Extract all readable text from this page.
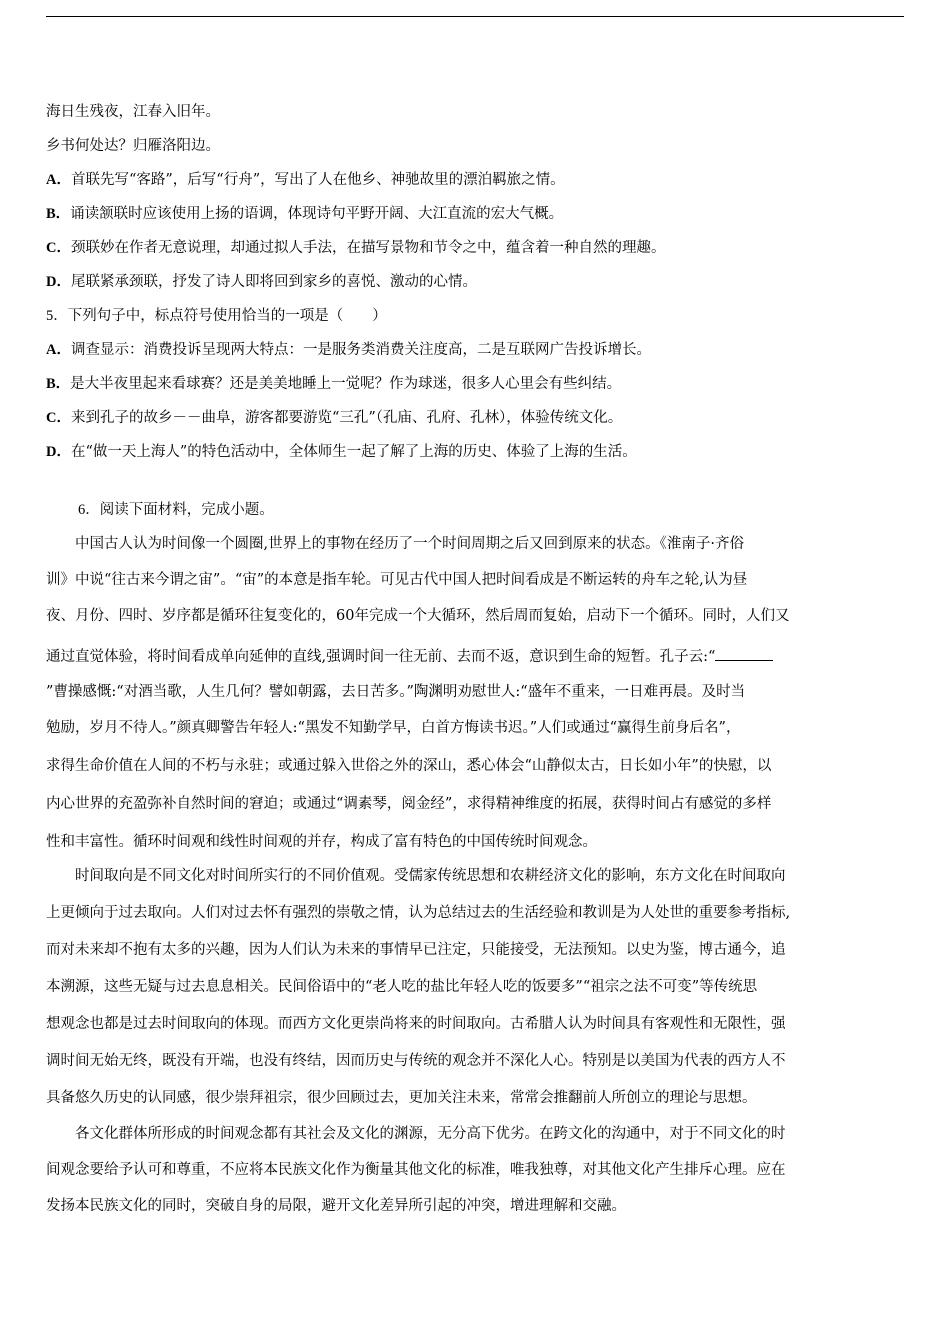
海日生残夜，江春入旧年。
乡书何处达？归雁洛阳边。
A．首联先写“客路”，后写“行舟”，写出了人在他乡、神驰故里的漂泊羁旅之情。
B．诵读颔联时应该使用上扬的语调，体现诗句平野开阔、大江直流的宏大气概。
C．颈联妙在作者无意说理，却通过拟人手法，在描写景物和节令之中，蕴含着一种自然的理趣。
D．尾联紧承颈联，抒发了诗人即将回到家乡的喜悦、激动的心情。
5．下列句子中，标点符号使用恰当的一项是（　　）
A．调查显示：消费投诉呈现两大特点：一是服务类消费关注度高，二是互联网广告投诉增长。
B．是大半夜里起来看球赛？还是美美地睡上一觉呢？作为球迷，很多人心里会有些纠结。
C．来到孔子的故乡－－曲阜，游客都要游览“三孔”（孔庙、孔府、孔林），体验传统文化。
D．在“做一天上海人”的特色活动中，全体师生一起了解了上海的历史、体验了上海的生活。
6．阅读下面材料，完成小题。
　　中国古人认为时间像一个圆圈,世界上的事物在经历了一个时间周期之后又回到原来的状态。《淮南子·齐俗
训》中说“往古来今谓之宙”。“宙”的本意是指车轮。可见古代中国人把时间看成是不断运转的舟车之轮,认为昼
夜、月份、四时、岁序都是循环往复变化的，60年完成一个大循环，然后周而复始，启动下一个循环。同时，人们又
通过直觉体验，将时间看成单向延伸的直线,强调时间一往无前、去而不返，意识到生命的短暂。孔子云:“
”曹操感慨:“对酒当歌，人生几何？譬如朝露，去日苦多。”陶渊明劝慰世人:“盛年不重来，一日难再晨。及时当
勉励，岁月不待人。”颜真卿警告年轻人:“黑发不知勤学早，白首方悔读书迟。”人们或通过“赢得生前身后名”，
求得生命价值在人间的不朽与永驻；或通过躲入世俗之外的深山，悉心体会“山静似太古，日长如小年”的快慰，以
内心世界的充盈弥补自然时间的窘迫；或通过“调素琴，阅金经”，求得精神维度的拓展，获得时间占有感觉的多样
性和丰富性。循环时间观和线性时间观的并存，构成了富有特色的中国传统时间观念。
　　时间取向是不同文化对时间所实行的不同价值观。受儒家传统思想和农耕经济文化的影响，东方文化在时间取向
上更倾向于过去取向。人们对过去怀有强烈的崇敬之情，认为总结过去的生活经验和教训是为人处世的重要参考指标,
而对未来却不抱有太多的兴趣，因为人们认为未来的事情早已注定，只能接受，无法预知。以史为鉴，博古通今，追
本溯源，这些无疑与过去息息相关。民间俗语中的“老人吃的盐比年轻人吃的饭要多”“祖宗之法不可变”等传统思
想观念也都是过去时间取向的体现。而西方文化更崇尚将来的时间取向。古希腊人认为时间具有客观性和无限性，强
调时间无始无终，既没有开端，也没有终结，因而历史与传统的观念并不深化人心。特别是以美国为代表的西方人不
具备悠久历史的认同感，很少崇拜祖宗，很少回顾过去，更加关注未来，常常会推翻前人所创立的理论与思想。
　　各文化群体所形成的时间观念都有其社会及文化的渊源，无分高下优劣。在跨文化的沟通中，对于不同文化的时
间观念要给予认可和尊重，不应将本民族文化作为衡量其他文化的标准，唯我独尊，对其他文化产生排斥心理。应在
发扬本民族文化的同时，突破自身的局限，避开文化差异所引起的冲突，增进理解和交融。
